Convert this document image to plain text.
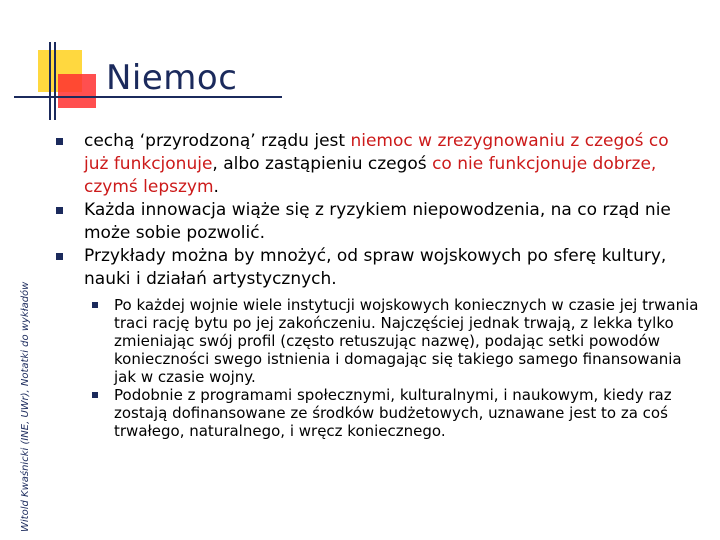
Niemoc
Witold Kwaśnicki (INE, UWr), Notatki do wykładów
cechą ‘przyrodzoną’ rządu jest niemoc w zrezygnowaniu z czegoś co już funkcjonuje, albo zastąpieniu czegoś co nie funkcjonuje dobrze, czymś lepszym.
Każda innowacja wiąże się z ryzykiem niepowodzenia, na co rząd nie może sobie pozwolić.
Przykłady można by mnożyć, od spraw wojskowych po sferę kultury, nauki i działań artystycznych.
Po każdej wojnie wiele instytucji wojskowych koniecznych w czasie jej trwania traci rację bytu po jej zakończeniu. Najczęściej jednak trwają, z lekka tylko zmieniając swój profil (często retuszując nazwę), podając setki powodów konieczności swego istnienia i domagając się takiego samego finansowania jak w czasie wojny.
Podobnie z programami społecznymi, kulturalnymi, i naukowym, kiedy raz zostają dofinansowane ze środków budżetowych, uznawane jest to za coś trwałego, naturalnego, i wręcz koniecznego.
